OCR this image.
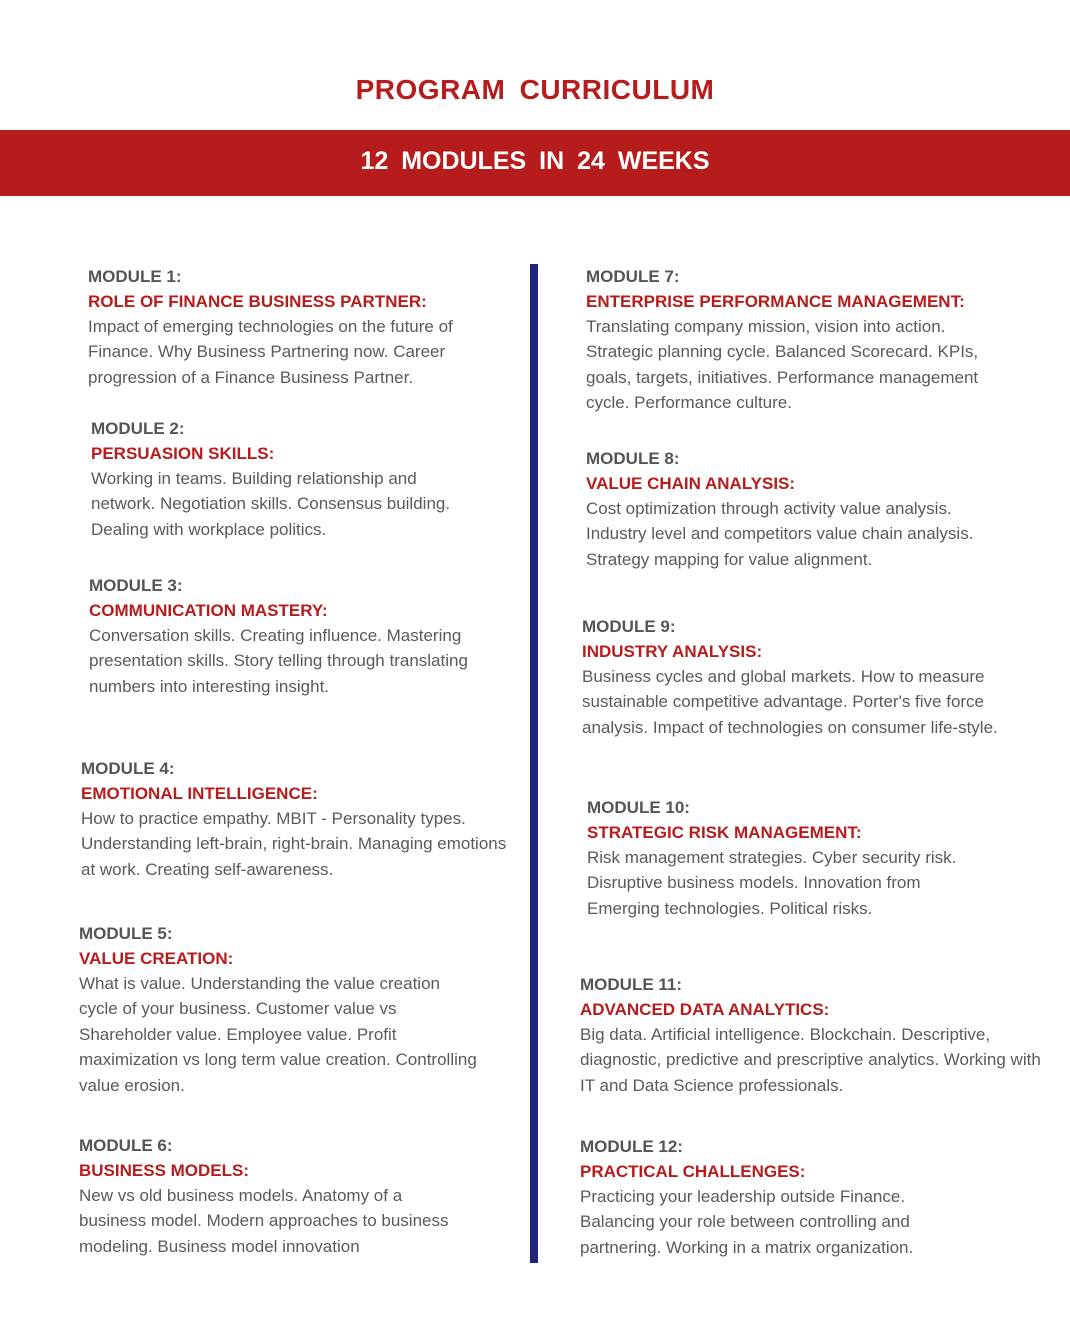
PROGRAM CURRICULUM
12 MODULES IN 24 WEEKS
MODULE 1:
ROLE OF FINANCE BUSINESS PARTNER:
Impact of emerging technologies on the future of Finance. Why Business Partnering now. Career progression of a Finance Business Partner.
MODULE 2:
PERSUASION SKILLS:
Working in teams. Building relationship and network. Negotiation skills. Consensus building. Dealing with workplace politics.
MODULE 3:
COMMUNICATION MASTERY:
Conversation skills. Creating influence. Mastering presentation skills. Story telling through translating numbers into interesting insight.
MODULE 4:
EMOTIONAL INTELLIGENCE:
How to practice empathy. MBIT - Personality types. Understanding left-brain, right-brain. Managing emotions at work. Creating self-awareness.
MODULE 5:
VALUE CREATION:
What is value. Understanding the value creation cycle of your business. Customer value vs Shareholder value. Employee value. Profit maximization vs long term value creation. Controlling value erosion.
MODULE 6:
BUSINESS MODELS:
New vs old business models. Anatomy of a business model. Modern approaches to business modeling. Business model innovation
MODULE 7:
ENTERPRISE PERFORMANCE MANAGEMENT:
Translating company mission, vision into action. Strategic planning cycle. Balanced Scorecard. KPIs, goals, targets, initiatives. Performance management cycle. Performance culture.
MODULE 8:
VALUE CHAIN ANALYSIS:
Cost optimization through activity value analysis. Industry level and competitors value chain analysis. Strategy mapping for value alignment.
MODULE 9:
INDUSTRY ANALYSIS:
Business cycles and global markets. How to measure sustainable competitive advantage. Porter's five force analysis. Impact of technologies on consumer life-style.
MODULE 10:
STRATEGIC RISK MANAGEMENT:
Risk management strategies. Cyber security risk. Disruptive business models. Innovation from Emerging technologies. Political risks.
MODULE 11:
ADVANCED DATA ANALYTICS:
Big data. Artificial intelligence. Blockchain. Descriptive, diagnostic, predictive and prescriptive analytics. Working with IT and Data Science professionals.
MODULE 12:
PRACTICAL CHALLENGES:
Practicing your leadership outside Finance. Balancing your role between controlling and partnering. Working in a matrix organization.
